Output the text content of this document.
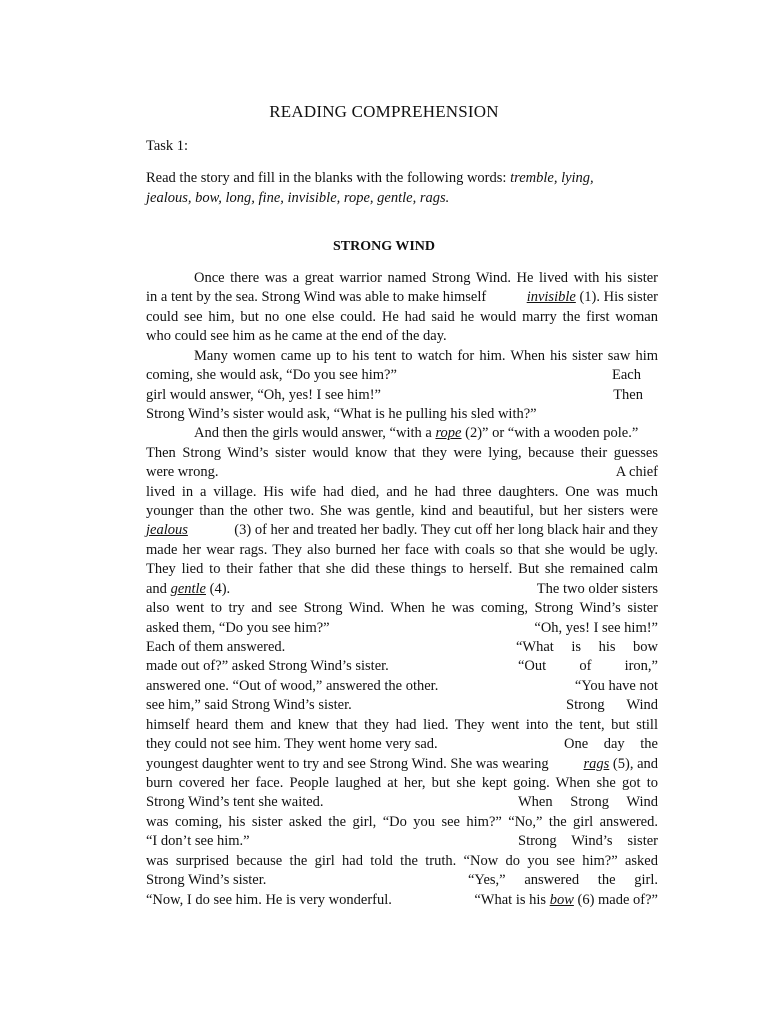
READING COMPREHENSION
Task 1:
Read the story and fill in the blanks with the following words: tremble, lying,
jealous, bow, long, fine, invisible, rope, gentle, rags.
STRONG WIND
Once there was a great warrior named Strong Wind. He lived with his sister
in a tent by the sea. Strong Wind was able to make himself	invisible (1). His sister
could see him, but no one else could. He had said he would marry the first woman
who could see him as he came at the end of the day.
Many women came up to his tent to watch for him. When his sister saw him
coming, she would ask, “Do you see him?”	Each
girl would answer, “Oh, yes! I see him!”	Then
Strong Wind’s sister would ask, “What is he pulling his sled with?”
And then the girls would answer, “with a rope (2)” or “with a wooden pole.”
Then Strong Wind’s sister would know that they were lying, because their guesses
were wrong.	A chief
lived in a village. His wife had died, and he had three daughters. One was much
younger than the other two. She was gentle, kind and beautiful, but her sisters were
jealous	(3) of her and treated her badly. They cut off her long black hair and they
made her wear rags. They also burned her face with coals so that she would be ugly.
They lied to their father that she did these things to herself. But she remained calm
and gentle (4).	The two older sisters
also went to try and see Strong Wind. When he was coming, Strong Wind’s sister
asked them, “Do you see him?”	“Oh, yes! I see him!”
Each of them answered.	“What is his bow
made out of?” asked Strong Wind’s sister.	“Out of iron,”
answered one. “Out of wood,” answered the other.	“You have not
see him,” said Strong Wind’s sister.	Strong Wind
himself heard them and knew that they had lied. They went into the tent, but still
they could not see him. They went home very sad.	One day the
youngest daughter went to try and see Strong Wind. She was wearing rags (5), and
burn covered her face. People laughed at her, but she kept going. When she got to
Strong Wind’s tent she waited.	When Strong Wind
was coming, his sister asked the girl, “Do you see him?” “No,” the girl answered.
“I don’t see him.”	Strong Wind’s sister
was surprised because the girl had told the truth. “Now do you see him?” asked
Strong Wind’s sister.	“Yes,” answered the girl.
“Now, I do see him. He is very wonderful.	“What is his bow (6) made of?”
